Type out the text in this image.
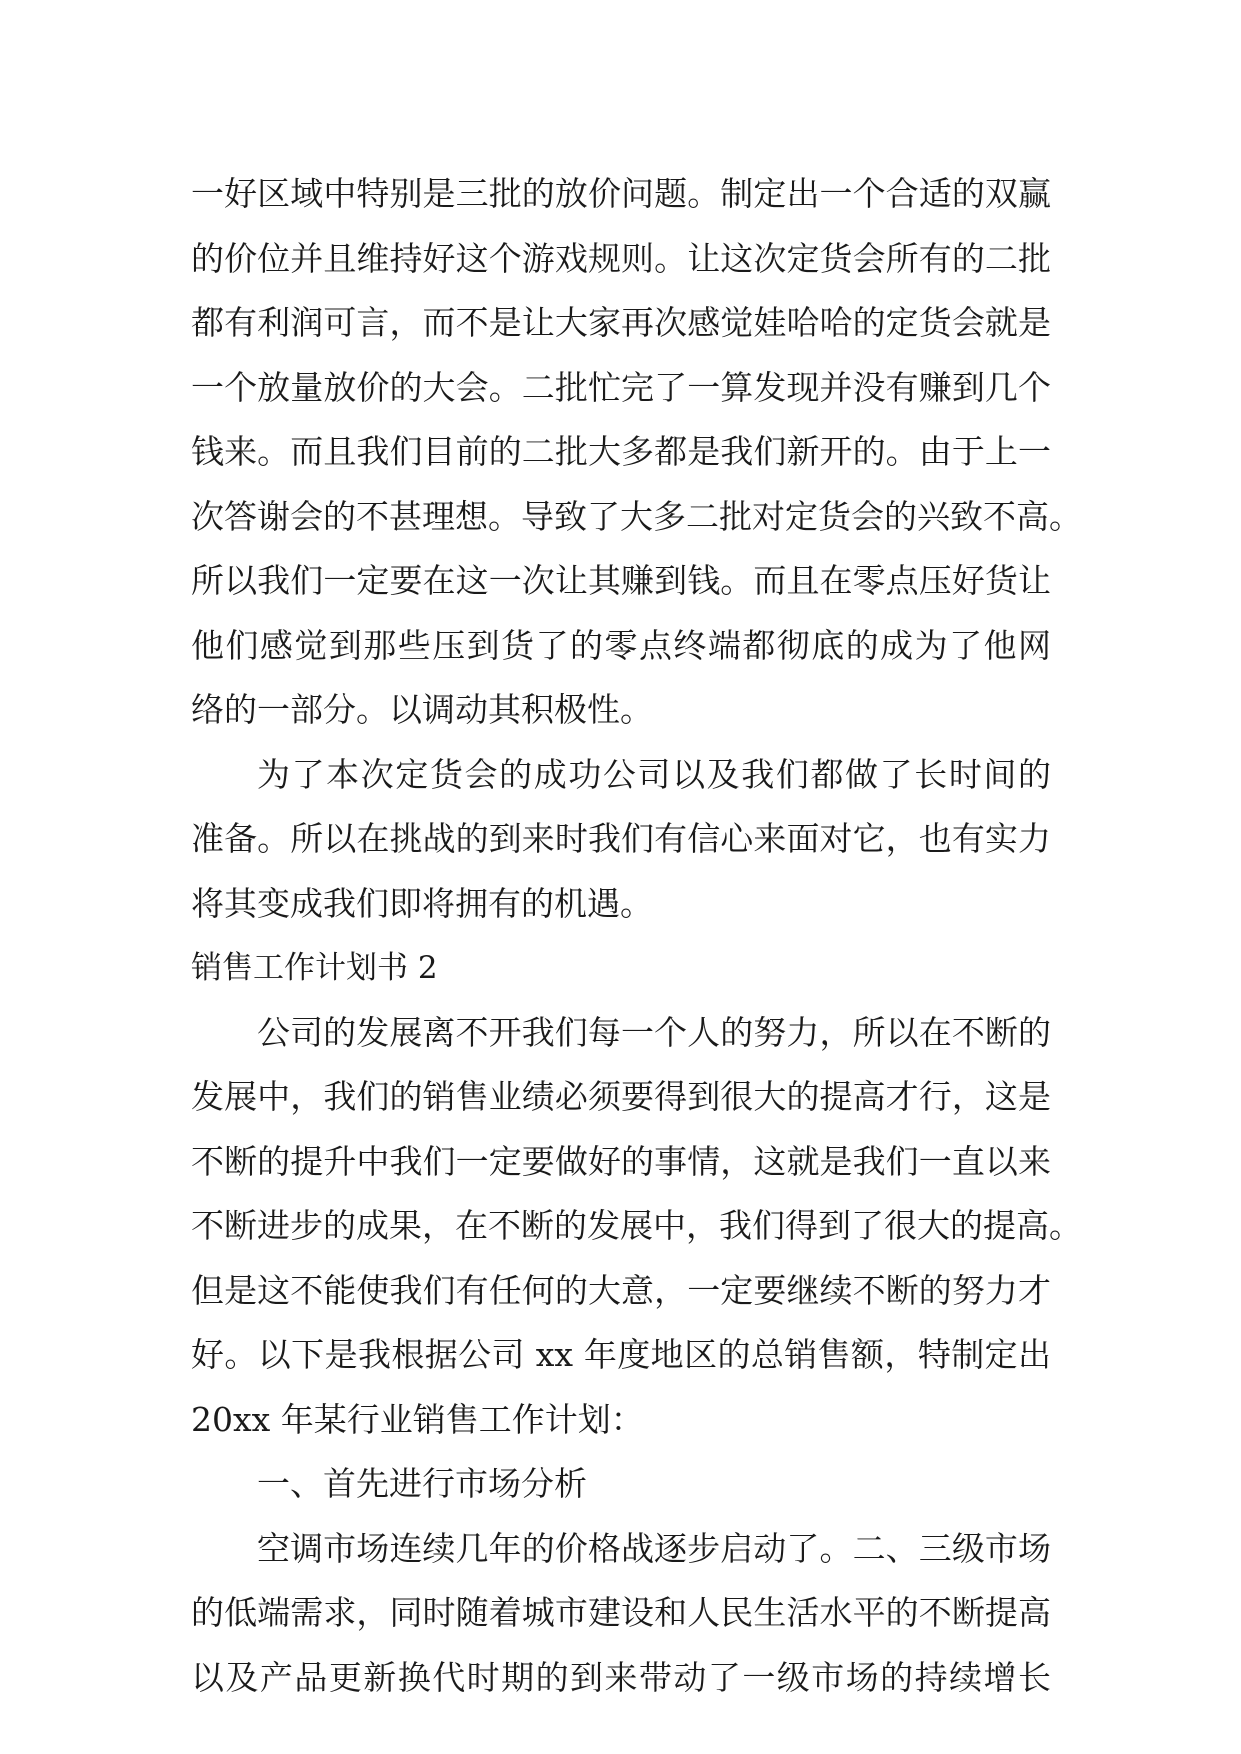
一好区域中特别是三批的放价问题。制定出一个合适的双赢
的价位并且维持好这个游戏规则。让这次定货会所有的二批
都有利润可言，而不是让大家再次感觉娃哈哈的定货会就是
一个放量放价的大会。二批忙完了一算发现并没有赚到几个
钱来。而且我们目前的二批大多都是我们新开的。由于上一
次答谢会的不甚理想。导致了大多二批对定货会的兴致不高。
所以我们一定要在这一次让其赚到钱。而且在零点压好货让
他们感觉到那些压到货了的零点终端都彻底的成为了他网
络的一部分。以调动其积极性。
为了本次定货会的成功公司以及我们都做了长时间的
准备。所以在挑战的到来时我们有信心来面对它，也有实力
将其变成我们即将拥有的机遇。
销售工作计划书 2
公司的发展离不开我们每一个人的努力，所以在不断的
发展中，我们的销售业绩必须要得到很大的提高才行，这是
不断的提升中我们一定要做好的事情，这就是我们一直以来
不断进步的成果，在不断的发展中，我们得到了很大的提高。
但是这不能使我们有任何的大意，一定要继续不断的努力才
好。以下是我根据公司 xx 年度地区的总销售额，特制定出
20xx 年某行业销售工作计划：
一、首先进行市场分析
空调市场连续几年的价格战逐步启动了。二、三级市场
的低端需求，同时随着城市建设和人民生活水平的不断提高
以及产品更新换代时期的到来带动了一级市场的持续增长
